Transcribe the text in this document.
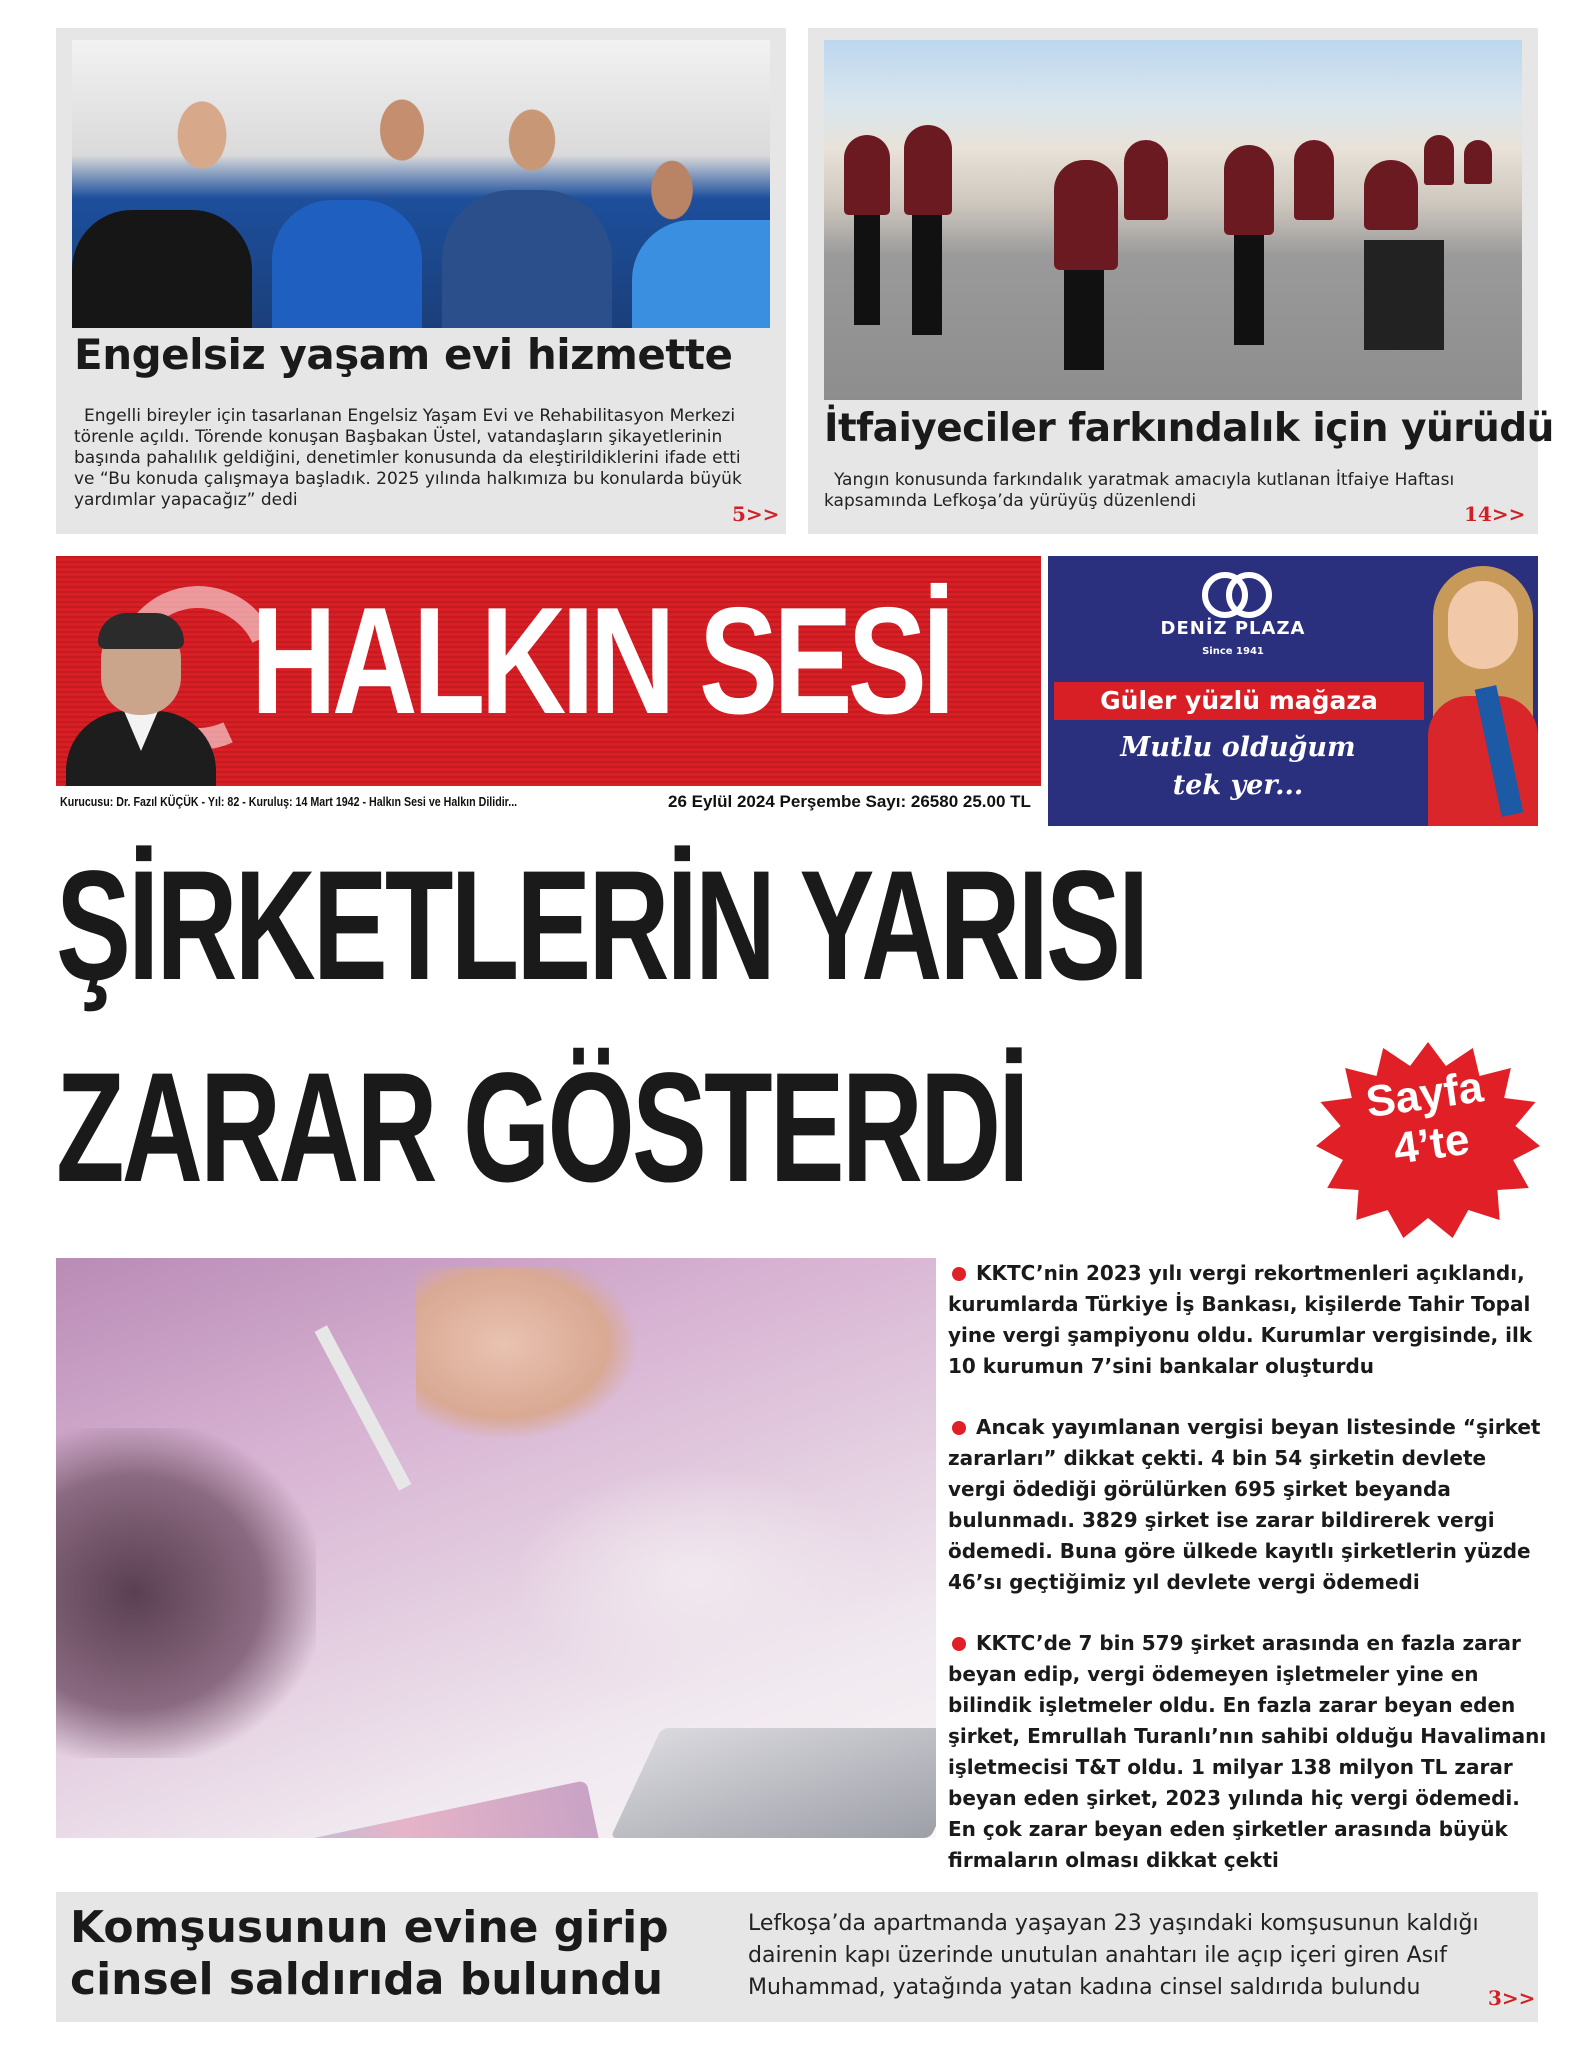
Engelsiz yaşam evi hizmette
Engelli bireyler için tasarlanan Engelsiz Yaşam Evi ve Rehabilitasyon Merkezi törenle açıldı. Törende konuşan Başbakan Üstel, vatandaşların şikayetlerinin başında pahalılık geldiğini, denetimler konusunda da eleştirildiklerini ifade etti ve “Bu konuda çalışmaya başladık. 2025 yılında halkımıza bu konularda büyük yardımlar yapacağız” dedi
5>>
İtfaiyeciler farkındalık için yürüdü
Yangın konusunda farkındalık yaratmak amacıyla kutlanan İtfaiye Haftası kapsamında Lefkoşa’da yürüyüş düzenlendi
14>>
HALKIN SESİ
Kurucusu: Dr. Fazıl KÜÇÜK - Yıl: 82 - Kuruluş: 14 Mart 1942 - Halkın Sesi ve Halkın Dilidir...	26 Eylül 2024 Perşembe Sayı: 26580 25.00 TL
DENİZ PLAZA
Since 1941
Güler yüzlü mağaza
Mutlu olduğum
tek yer...
ŞİRKETLERİN YARISI
ZARAR GÖSTERDİ	Sayfa
4’te
KKTC’nin 2023 yılı vergi rekortmenleri açıklandı, kurumlarda Türkiye İş Bankası, kişilerde Tahir Topal yine vergi şampiyonu oldu. Kurumlar vergisinde, ilk 10 kurumun 7’sini bankalar oluşturdu
Ancak yayımlanan vergisi beyan listesinde “şirket zararları” dikkat çekti. 4 bin 54 şirketin devlete vergi ödediği görülürken 695 şirket beyanda bulunmadı. 3829 şirket ise zarar bildirerek vergi ödemedi. Buna göre ülkede kayıtlı şirketlerin yüzde 46’sı geçtiğimiz yıl devlete vergi ödemedi
KKTC’de 7 bin 579 şirket arasında en fazla zarar beyan edip, vergi ödemeyen işletmeler yine en bilindik işletmeler oldu. En fazla zarar beyan eden şirket, Emrullah Turanlı’nın sahibi olduğu Havalimanı işletmecisi T&T oldu. 1 milyar 138 milyon TL zarar beyan eden şirket, 2023 yılında hiç vergi ödemedi. En çok zarar beyan eden şirketler arasında büyük firmaların olması dikkat çekti
Komşusunun evine girip
cinsel saldırıda bulundu
Lefkoşa’da apartmanda yaşayan 23 yaşındaki komşusunun kaldığı dairenin kapı üzerinde unutulan anahtarı ile açıp içeri giren Asıf Muhammad, yatağında yatan kadına cinsel saldırıda bulundu	3>>
